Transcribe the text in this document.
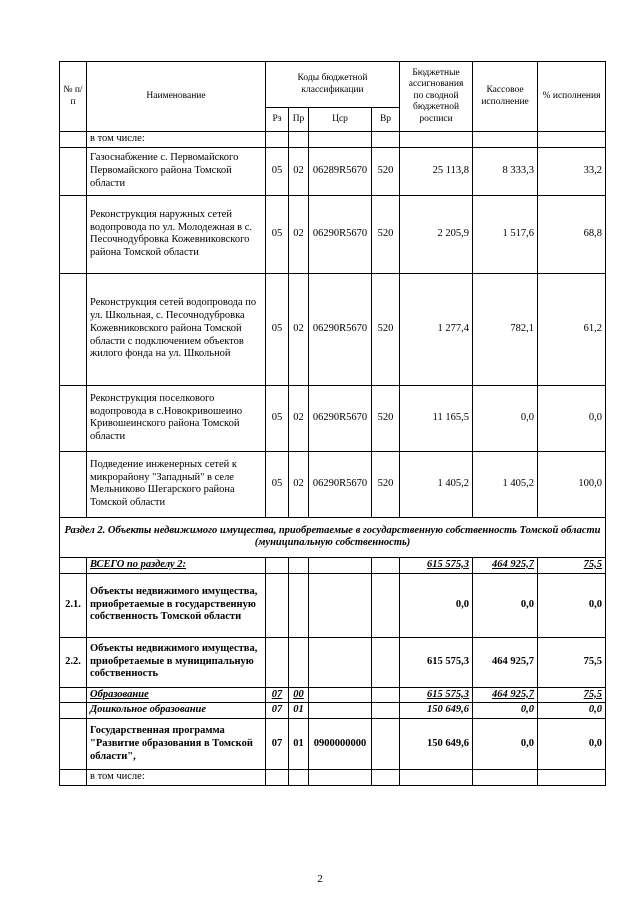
№ п/п	Наименование	Коды бюджетной классификации				Бюджетные ассигнования по сводной бюджетной росписи	Кассовое исполнение	% исполнения
		Рз	Пр	Цср	Вр			
	в том числе:							
	Газоснабжение с. Первомайского Первомайского района Томской области	05	02	06289R5670	520	25 113,8	8 333,3	33,2
	Реконструкция наружных сетей водопровода по ул. Молодежная в с. Песочнодубровка Кожевниковского района Томской области	05	02	06290R5670	520	2 205,9	1 517,6	68,8
	Реконструкция сетей водопровода по ул. Школьная, с. Песочнодубровка Кожевниковского района Томской области с подключением объектов жилого фонда на ул. Школьной	05	02	06290R5670	520	1 277,4	782,1	61,2
	Реконструкция поселкового водопровода в с.Новокривошеино Кривошеинского района Томской области	05	02	06290R5670	520	11 165,5	0,0	0,0
	Подведение инженерных сетей к микрорайону "Западный" в селе Мельниково Шегарского района Томской области	05	02	06290R5670	520	1 405,2	1 405,2	100,0
Раздел 2. Объекты недвижимого имущества, приобретаемые в государственную собственность Томской области (муниципальную собственность)								
	ВСЕГО по разделу 2:					615 575,3	464 925,7	75,5
2.1.	Объекты недвижимого имущества, приобретаемые в государственную собственность Томской области					0,0	0,0	0,0
2.2.	Объекты недвижимого имущества, приобретаемые в муниципальную собственность					615 575,3	464 925,7	75,5
	Образование	07	00			615 575,3	464 925,7	75,5
	Дошкольное образование	07	01			150 649,6	0,0	0,0
	Государственная программа "Развитие образования в Томской области",	07	01	0900000000		150 649,6	0,0	0,0
	в том числе:							
2
